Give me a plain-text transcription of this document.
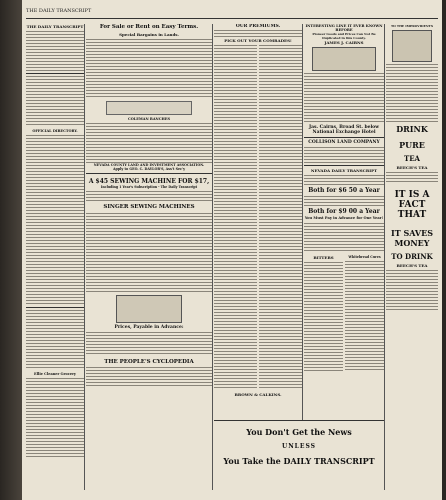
THE DAILY TRANSCRIPT
THE DAILY TRANSCRIPT
OFFICIAL DIRECTORY.
Ellie Cleaner Grocery
For Sale or Rent on Easy Terms.
Special Bargains in Lands.
COLEMAN RANCHES
NEVADA COUNTY LAND AND INVESTMENT ASSOCIATION.
Apply to GEO. C. DAYLOR'S, Ass't Sec'y
A $45 SEWING MACHINE FOR $17,
Including 1 Year's Subscription - The Daily Transcript
SINGER SEWING MACHINES
Prices, Payable in Advance:
THE PEOPLE'S CYCLOPEDIA
OUR PREMIUMS.
PICK OUT YOUR COMRADES!
BROWN & CALKINS.
INTERESTING LINE IT EVER KNOWN BEFORE
Pioneer Goods and Prices Can Not Be Duplicated in this County.
JAMES J. CAIRNS
Jas. Cairns, Broad St. below National Exchange Hotel
COLLISON LAND COMPANY
NEVADA DAILY TRANSCRIPT
Both for $6 50 a Year
Both for $9 00 a Year
You Must Pay in Advance for One Year!
BITTERS	Whitebread Cures
TO THE IMPROVIDENTS
DRINK
PURE
TEA
BEECH'S TEA
IT IS A FACT THAT
IT SAVES MONEY
TO DRINK
BEECH'S TEA
You Don't Get the News
UNLESS
You Take the DAILY TRANSCRIPT
